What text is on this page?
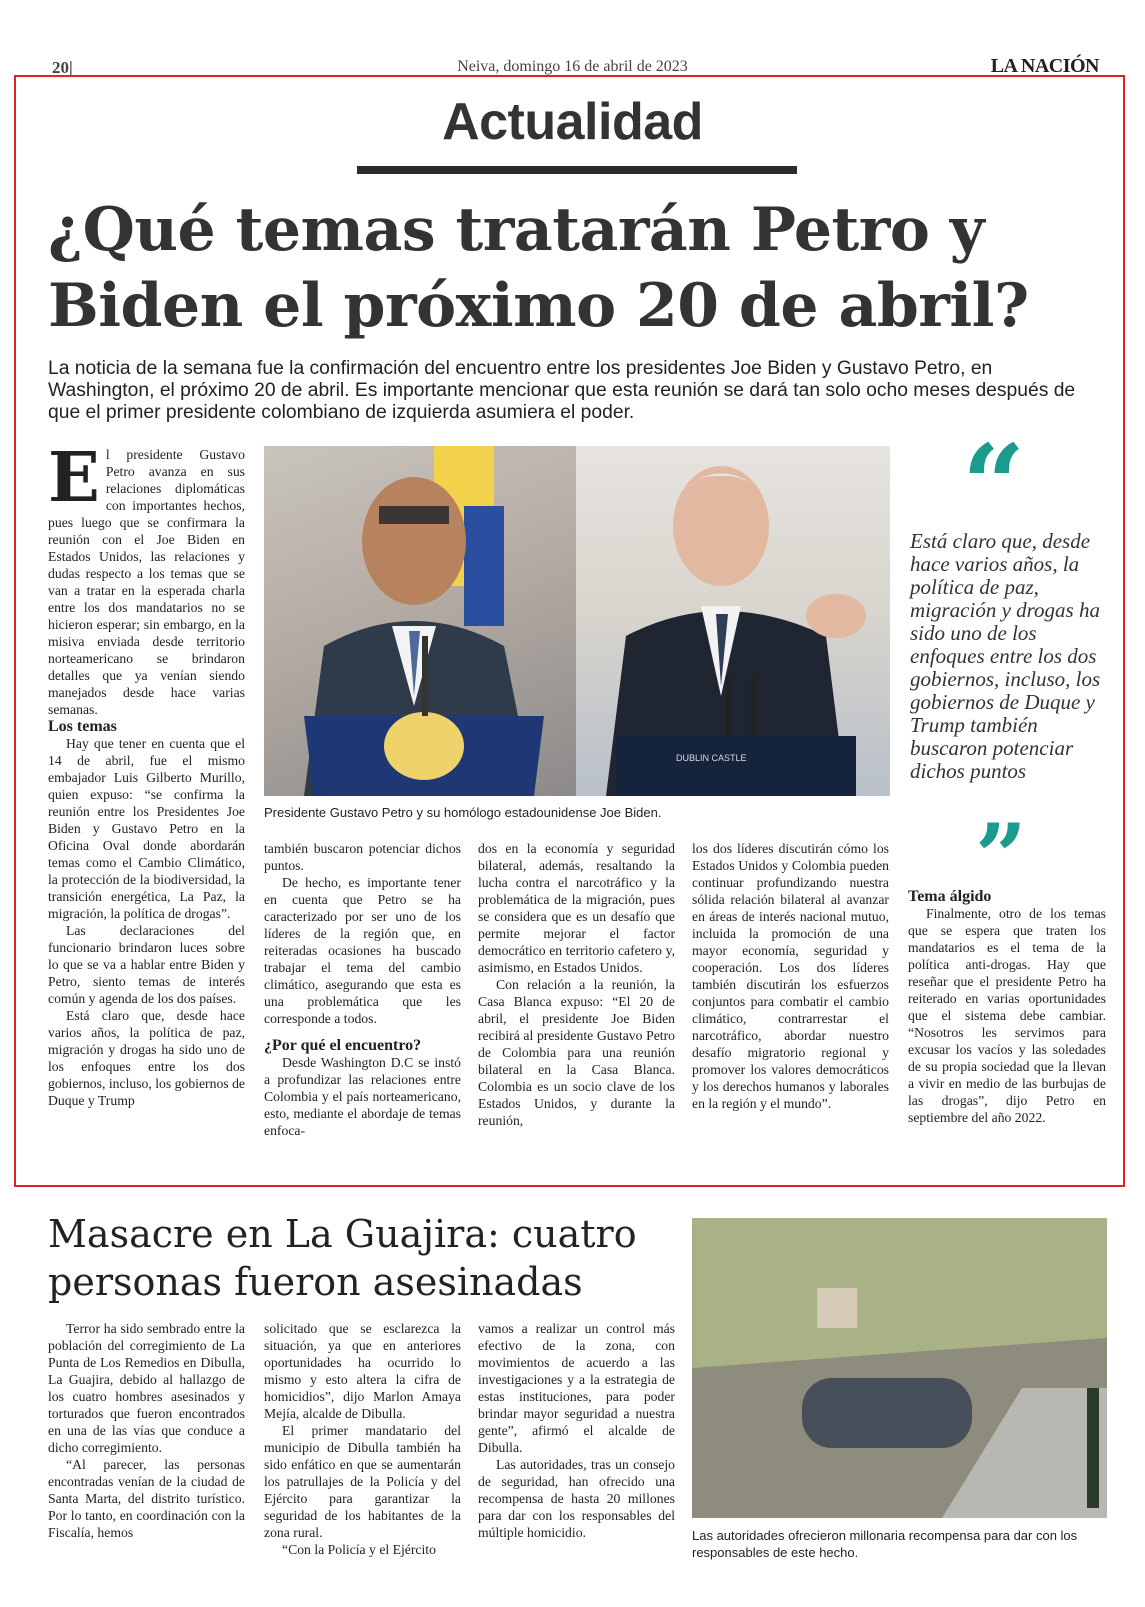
20|	Neiva, domingo 16 de abril de 2023	LA NACIÓN
Actualidad
¿Qué temas tratarán Petro y Biden el próximo 20 de abril?
La noticia de la semana fue la confirmación del encuentro entre los presidentes Joe Biden y Gustavo Petro, en Washington, el próximo 20 de abril. Es importante mencionar que esta reunión se dará tan solo ocho meses después de que el primer presidente colombiano de izquierda asumiera el poder.

El presidente Gustavo Petro avanza en sus relaciones diplomáticas con importantes hechos, pues luego que se confirmara la reunión con el Joe Biden en Estados Unidos, las relaciones y dudas respecto a los temas que se van a tratar en la esperada charla entre los dos mandatarios no se hicieron esperar; sin embargo, en la misiva enviada desde territorio norteamericano se brindaron detalles que ya venían siendo manejados desde hace varias semanas.

Los temas

Hay que tener en cuenta que el 14 de abril, fue el mismo embajador Luis Gilberto Murillo, quien expuso: “se confirma la reunión entre los Presidentes Joe Biden y Gustavo Petro en la Oficina Oval donde abordarán temas como el Cambio Climático, la protección de la biodiversidad, la transición energética, La Paz, la migración, la política de drogas”.

Las declaraciones del funcionario brindaron luces sobre lo que se va a hablar entre Biden y Petro, siento temas de interés común y agenda de los dos países.

Está claro que, desde hace varios años, la política de paz, migración y drogas ha sido uno de los enfoques entre los dos gobiernos, incluso, los gobiernos de Duque y Trump

DUBLIN CASTLE
Presidente Gustavo Petro y su homólogo estadounidense Joe Biden.

también buscaron potenciar dichos puntos.

De hecho, es importante tener en cuenta que Petro se ha caracterizado por ser uno de los líderes de la región que, en reiteradas ocasiones ha buscado trabajar el tema del cambio climático, asegurando que esta es una problemática que les corresponde a todos.

¿Por qué el encuentro?

Desde Washington D.C se instó a profundizar las relaciones entre Colombia y el país norteamericano, esto, mediante el abordaje de temas enfoca-

dos en la economía y seguridad bilateral, además, resaltando la lucha contra el narcotráfico y la problemática de la migración, pues se considera que es un desafío que permite mejorar el factor democrático en territorio cafetero y, asimismo, en Estados Unidos.

Con relación a la reunión, la Casa Blanca expuso: “El 20 de abril, el presidente Joe Biden recibirá al presidente Gustavo Petro de Colombia para una reunión bilateral en la Casa Blanca. Colombia es un socio clave de los Estados Unidos, y durante la reunión,

los dos líderes discutirán cómo los Estados Unidos y Colombia pueden continuar profundizando nuestra sólida relación bilateral al avanzar en áreas de interés nacional mutuo, incluida la promoción de una mayor economía, seguridad y cooperación. Los dos líderes también discutirán los esfuerzos conjuntos para combatir el cambio climático, contrarrestar el narcotráfico, abordar nuestro desafío migratorio regional y promover los valores democráticos y los derechos humanos y laborales en la región y el mundo”.

“
Está claro que, desde hace varios años, la política de paz, migración y drogas ha sido uno de los enfoques entre los dos gobiernos, incluso, los gobiernos de Duque y Trump también buscaron potenciar dichos puntos
”

Tema álgido

Finalmente, otro de los temas que se espera que traten los mandatarios es el tema de la política anti-drogas. Hay que reseñar que el presidente Petro ha reiterado en varias oportunidades que el sistema debe cambiar. “Nosotros les servimos para excusar los vacíos y las soledades de su propia sociedad que la llevan a vivir en medio de las burbujas de las drogas”, dijo Petro en septiembre del año 2022.

Masacre en La Guajira: cuatro personas fueron asesinadas

Terror ha sido sembrado entre la población del corregimiento de La Punta de Los Remedios en Dibulla, La Guajira, debido al hallazgo de los cuatro hombres asesinados y torturados que fueron encontrados en una de las vías que conduce a dicho corregimiento.

“Al parecer, las personas encontradas venían de la ciudad de Santa Marta, del distrito turístico. Por lo tanto, en coordinación con la Fiscalía, hemos

solicitado que se esclarezca la situación, ya que en anteriores oportunidades ha ocurrido lo mismo y esto altera la cifra de homicidios”, dijo Marlon Amaya Mejía, alcalde de Dibulla.

El primer mandatario del municipio de Dibulla también ha sido enfático en que se aumentarán los patrullajes de la Policía y del Ejército para garantizar la seguridad de los habitantes de la zona rural.

“Con la Policía y el Ejército

vamos a realizar un control más efectivo de la zona, con movimientos de acuerdo a las investigaciones y a la estrategia de estas instituciones, para poder brindar mayor seguridad a nuestra gente”, afirmó el alcalde de Dibulla.

Las autoridades, tras un consejo de seguridad, han ofrecido una recompensa de hasta 20 millones para dar con los responsables del múltiple homicidio.	Las autoridades ofrecieron millonaria recompensa para dar con los responsables de este hecho.
